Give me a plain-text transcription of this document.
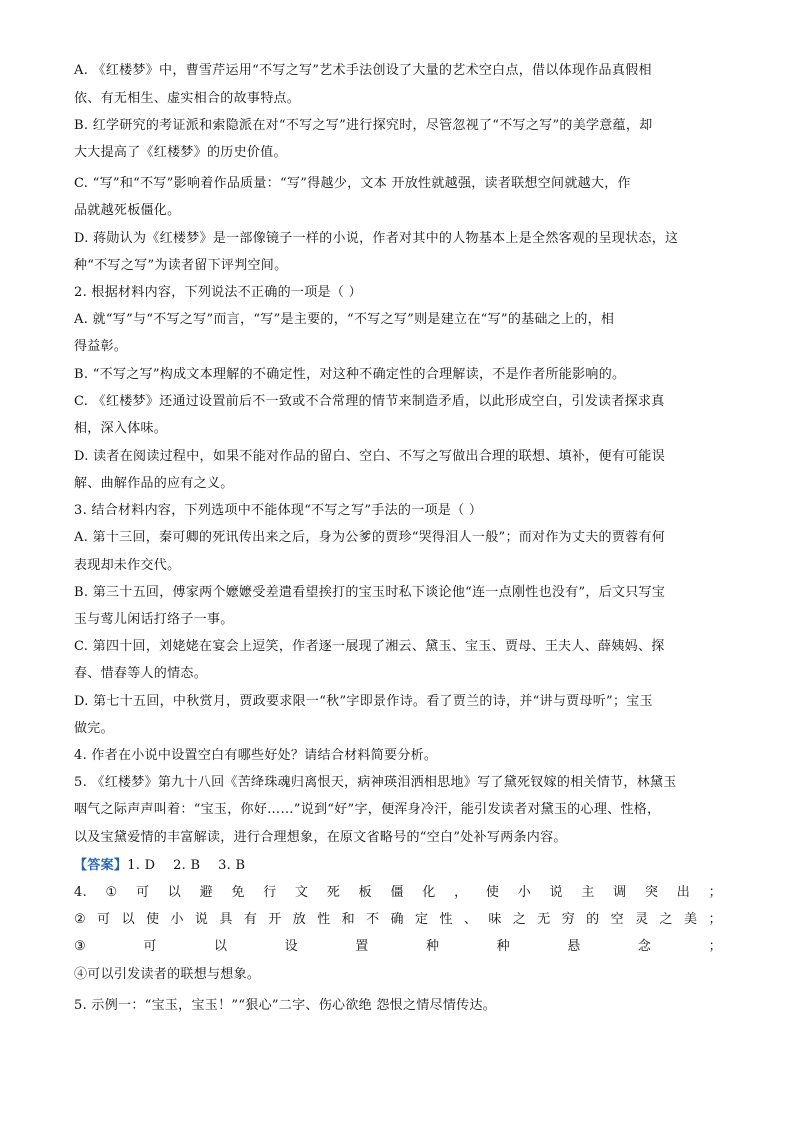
A. 《红楼梦》中，曹雪芹运用“不写之写”艺术手法创设了大量的艺术空白点，借以体现作品真假相
依、有无相生、虚实相合的故事特点。
B. 红学研究的考证派和索隐派在对“不写之写”进行探究时，尽管忽视了“不写之写”的美学意蕴，却
大大提高了《红楼梦》的历史价值。
C. “写”和“不写”影响着作品质量：“写”得越少，文本 开放性就越强，读者联想空间就越大，作
品就越死板僵化。
D. 蒋勋认为《红楼梦》是一部像镜子一样的小说，作者对其中的人物基本上是全然客观的呈现状态，这
种“不写之写”为读者留下评判空间。
2. 根据材料内容，下列说法不正确的一项是（ ）
A. 就“写”与“不写之写”而言，“写”是主要的，“不写之写”则是建立在“写”的基础之上的，相
得益彰。
B. “不写之写”构成文本理解的不确定性，对这种不确定性的合理解读，不是作者所能影响的。
C. 《红楼梦》还通过设置前后不一致或不合常理的情节来制造矛盾，以此形成空白，引发读者探求真
相，深入体味。
D. 读者在阅读过程中，如果不能对作品的留白、空白、不写之写做出合理的联想、填补，便有可能误
解、曲解作品的应有之义。
3. 结合材料内容，下列选项中不能体现“不写之写”手法的一项是（ ）
A. 第十三回，秦可卿的死讯传出来之后，身为公爹的贾珍“哭得泪人一般”；而对作为丈夫的贾蓉有何
表现却未作交代。
B. 第三十五回，傅家两个嬷嬷受差遣看望挨打的宝玉时私下谈论他“连一点刚性也没有”，后文只写宝
玉与莺儿闲话打络子一事。
C. 第四十回，刘姥姥在宴会上逗笑，作者逐一展现了湘云、黛玉、宝玉、贾母、王夫人、薛姨妈、探
春、惜春等人的情态。
D. 第七十五回，中秋赏月，贾政要求限一“秋”字即景作诗。看了贾兰的诗，并“讲与贾母听”；宝玉
做完。
4. 作者在小说中设置空白有哪些好处？请结合材料简要分析。
5. 《红楼梦》第九十八回《苦绛珠魂归离恨天，病神瑛泪洒相思地》写了黛死钗嫁的相关情节，林黛玉
咽气之际声声叫着：“宝玉，你好……”说到“好”字，便浑身冷汗，能引发读者对黛玉的心理、性格，
以及宝黛爱情的丰富解读，进行合理想象，在原文省略号的“空白”处补写两条内容。
【答案】1. D    2. B    3. B
4. ① 可 以 避 免 行 文 死 板 僵 化 ， 使 小 说 主 调 突 出 ；
② 可 以 使 小 说 具 有 开 放 性 和 不 确 定 性 、 味 之 无 穷 的 空 灵 之 美 ；
③	可	以	设	置	种	种	悬	念	；
④可以引发读者的联想与想象。
5. 示例一：“宝玉，宝玉！”“狠心”二字、伤心欲绝 怨恨之情尽情传达。
